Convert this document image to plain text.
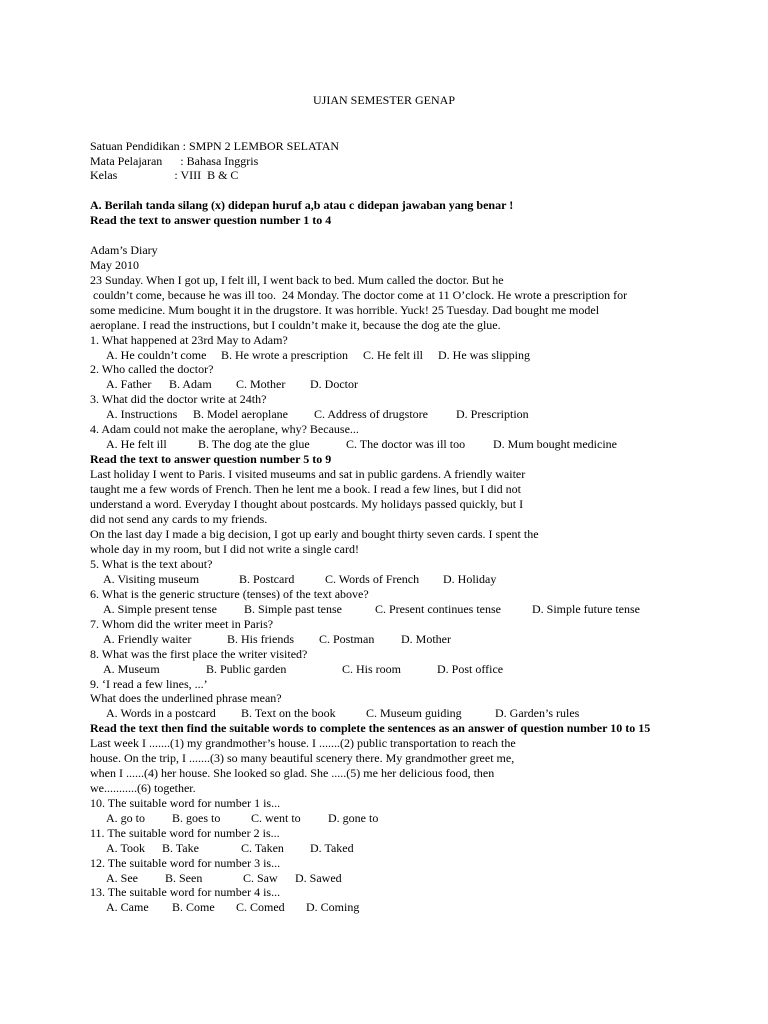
UJIAN SEMESTER GENAP
Satuan Pendidikan : SMPN 2 LEMBOR SELATAN
Mata Pelajaran      : Bahasa Inggris
Kelas                   : VIII  B & C
A. Berilah tanda silang (x) didepan huruf a,b atau c didepan jawaban yang benar !
Read the text to answer question number 1 to 4
Adam’s Diary
May 2010
23 Sunday. When I got up, I felt ill, I went back to bed. Mum called the doctor. But he
couldn’t come, because he was ill too.  24 Monday. The doctor come at 11 O’clock. He wrote a prescription for
some medicine. Mum bought it in the drugstore. It was horrible. Yuck! 25 Tuesday. Dad bought me model
aeroplane. I read the instructions, but I couldn’t make it, because the dog ate the glue.
1. What happened at 23rd May to Adam?

A. He couldn’t come

B. He wrote a prescription

C. He felt ill

D. He was slipping

2. Who called the doctor?

A. Father

B. Adam

C. Mother

D. Doctor

3. What did the doctor write at 24th?

A. Instructions

B. Model aeroplane

C. Address of drugstore

D. Prescription

4. Adam could not make the aeroplane, why? Because...

A. He felt ill

	B. The dog ate the glue

	C. The doctor was ill too

D. Mum bought medicine

Read the text to answer question number 5 to 9
Last holiday I went to Paris. I visited museums and sat in public gardens. A friendly waiter
taught me a few words of French. Then he lent me a book. I read a few lines, but I did not
understand a word. Everyday I thought about postcards. My holidays passed quickly, but I
did not send any cards to my friends.
On the last day I made a big decision, I got up early and bought thirty seven cards. I spent the
whole day in my room, but I did not write a single card!
5. What is the text about?

A. Visiting museum

	B. Postcard

	C. Words of French

D. Holiday

6. What is the generic structure (tenses) of the text above?

A. Simple present tense

B. Simple past tense

	C. Present continues tense

	D. Simple future tense

7. Whom did the writer meet in Paris?

A. Friendly waiter

	B. His friends

C. Postman

D. Mother

8. What was the first place the writer visited?

A. Museum

	B. Public garden

	C. His room

	D. Post office

9. ‘I read a few lines, ...’
What does the underlined phrase mean?

A. Words in a postcard

B. Text on the book

	C. Museum guiding

	D. Garden’s rules

Read the text then find the suitable words to complete the sentences as an answer of question number 10 to 15
Last week I .......(1) my grandmother’s house. I .......(2) public transportation to reach the
house. On the trip, I .......(3) so many beautiful scenery there. My grandmother greet me,
when I ......(4) her house. She looked so glad. She .....(5) me her delicious food, then
we...........(6) together.
10. The suitable word for number 1 is...

A. go to

B. goes to

	C. went to

D. gone to

11. The suitable word for number 2 is...

A. Took

B. Take

	C. Taken

D. Taked

12. The suitable word for number 3 is...

A. See

B. Seen

	C. Saw

D. Sawed

13. The suitable word for number 4 is...

A. Came

B. Come

C. Comed

D. Coming
